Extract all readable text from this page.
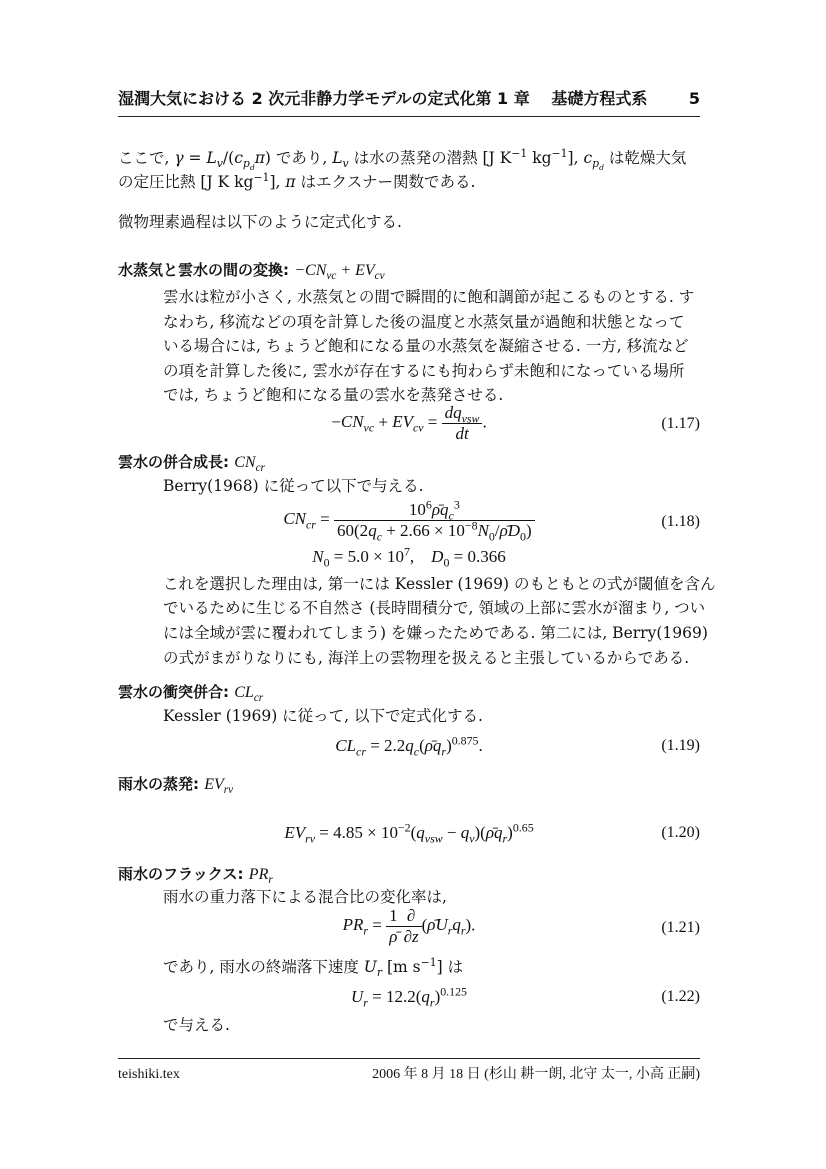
湿潤大気における 2 次元非静力学モデルの定式化第 1 章　 基礎方程式系	5
ここで, $\gamma = L_v/(c_{p_d}\pi)$ であり, $L_v$ は水の蒸発の潜熱 [J $K^{-1}$ $kg^{-1}$], $c_{p_d}$ は乾燥大気
の定圧比熱 [J K $kg^{-1}$], π はエクスナー関数である.
微物理素過程は以下のように定式化する.
水蒸気と雲水の間の変換: $-CN_{vc} + EV_{cv}$
雲水は粒が小さく, 水蒸気との間で瞬間的に飽和調節が起こるものとする. す
なわち, 移流などの項を計算した後の温度と水蒸気量が過飽和状態となって
いる場合には, ちょうど飽和になる量の水蒸気を凝縮させる. 一方, 移流など
の項を計算した後に, 雲水が存在するにも拘わらず未飽和になっている場所
では, ちょうど飽和になる量の雲水を蒸発させる.
$-CN_{vc} + EV_{cv} = \frac{dq_{vsw}}{dt}$ .	(1.17)
雲水の併合成長: $CN_{cr}$
Berry(1968) に従って以下で与える.
$CN_{cr} = \frac{10^6\rhōq_c^3}{60(2q_c + 2.66 \times 10^{-8}N_0/\rhōD_0)}$	(1.18)
$N_0 = 5.0 \times 10^7$,    $D_0 = 0.366$
これを選択した理由は, 第一には Kessler (1969) のもともとの式が閾値を含ん
でいるために生じる不自然さ (長時間積分で, 領域の上部に雲水が溜まり, つい
には全域が雲に覆われてしまう) を嫌ったためである. 第二には, Berry(1969)
の式がまがりなりにも, 海洋上の雲物理を扱えると主張しているからである.
雲水の衝突併合: $CL_{cr}$
Kessler (1969) に従って, 以下で定式化する.
$CL_{cr}$ = $2.2q_c(\rhōq_r)^{0.875}$.	(1.19)
雨水の蒸発: $EV_{rv}$
$EV_{rv} = 4.85 \times 10^{-2}(q_{vsw}$ − $q_v)(\rhōq_r)^{0.65}$	(1.20)
雨水のフラックス: $PR_r$
雨水の重力落下による混合比の変化率は,
$PR_r = \frac{1}{\rhō} \frac{\partial}{\partial z}$ $(\rhōU_rq_r)$.	(1.21)
であり, 雨水の終端落下速度 $U_r$ [m $s^{-1}$] は
$U_r = 12.2(q_r)^{0.125}$	(1.22)
で与える.
teishiki.tex	2006 年 8 月 18 日 (杉山 耕一朗, 北守 太一, 小高 正嗣)
